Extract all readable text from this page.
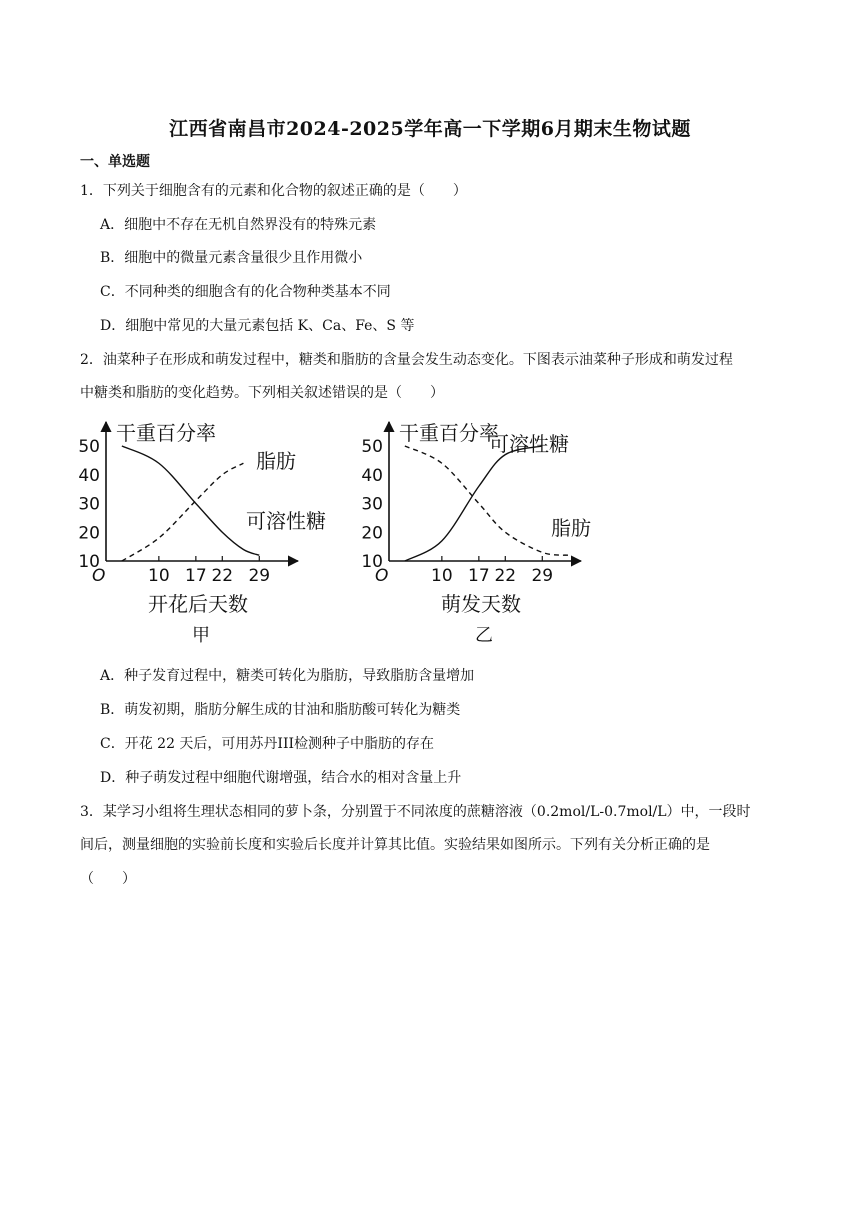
江西省南昌市2024-2025学年高一下学期6月期末生物试题
一、单选题
1．下列关于细胞含有的元素和化合物的叙述正确的是（　　）
A．细胞中不存在无机自然界没有的特殊元素
B．细胞中的微量元素含量很少且作用微小
C．不同种类的细胞含有的化合物种类基本不同
D．细胞中常见的大量元素包括 K、Ca、Fe、S 等
2．油菜种子在形成和萌发过程中，糖类和脂肪的含量会发生动态变化。下图表示油菜种子形成和萌发过程
中糖类和脂肪的变化趋势。下列相关叙述错误的是（　　）
干重百分率
O
10
20
30
40
50
10 17 22 29
脂肪
可溶性糖
开花后天数
甲
干重百分率
O
10
20
30
40
50
10 17 22 29
可溶性糖
脂肪
萌发天数
乙
A．种子发育过程中，糖类可转化为脂肪，导致脂肪含量增加
B．萌发初期，脂肪分解生成的甘油和脂肪酸可转化为糖类
C．开花 22 天后，可用苏丹III检测种子中脂肪的存在
D．种子萌发过程中细胞代谢增强，结合水的相对含量上升
3．某学习小组将生理状态相同的萝卜条，分别置于不同浓度的蔗糖溶液（0.2mol/L-0.7mol/L）中，一段时
间后，测量细胞的实验前长度和实验后长度并计算其比值。实验结果如图所示。下列有关分析正确的是
（　　）
